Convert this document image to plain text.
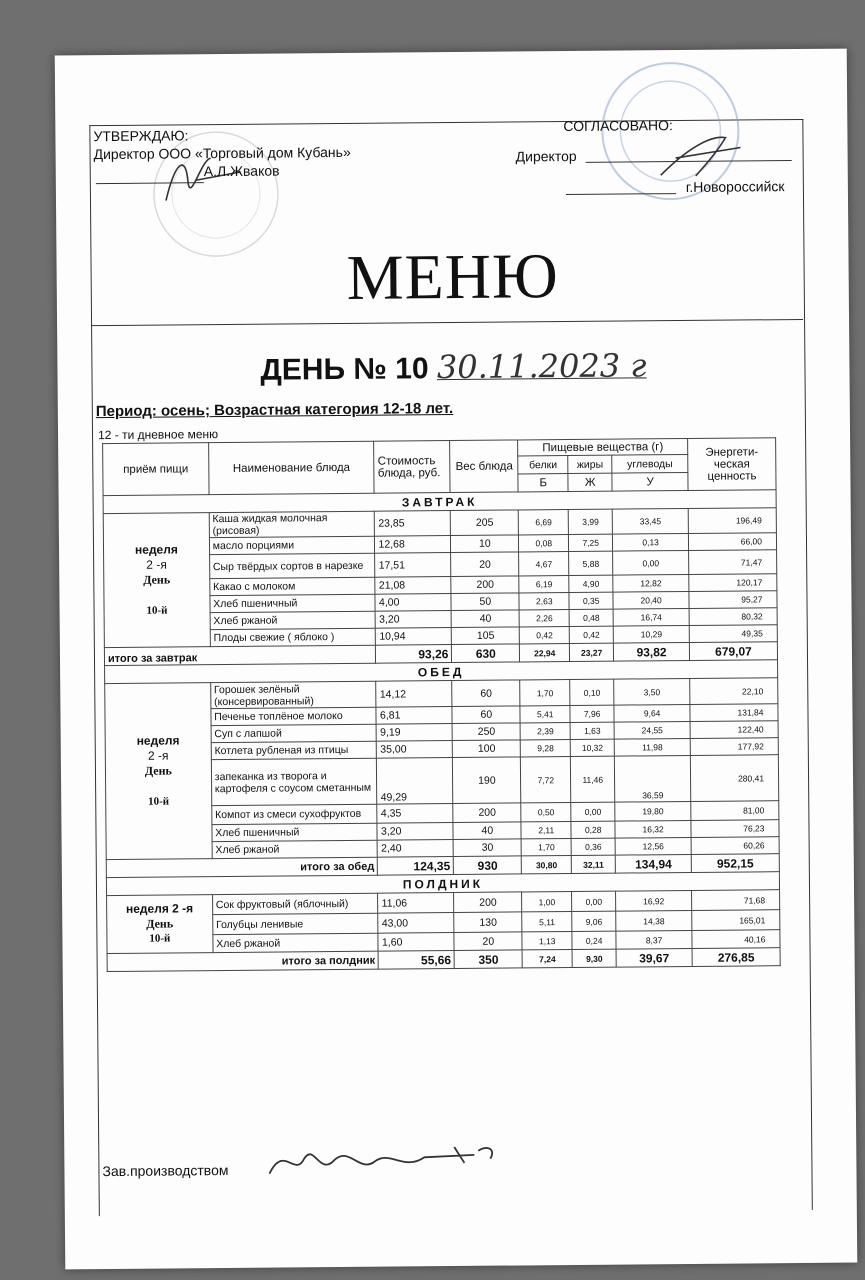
УТВЕРЖДАЮ:
Директор ООО «Торговый дом Кубань»
А.Л.Жваков
СОГЛАСОВАНО:
Директор
г.Новороссийск
МЕНЮ
ДЕНЬ № 10 30.11.2023 г
Период: осень; Возрастная категория 12-18 лет.
12 - ти дневное меню
приём пищи	Наименование блюда	Стоимость блюда, руб.	Вес блюда	Пищевые вещества (г)			Энергети-ческая ценность
				белки	жиры	углеводы	
				Б	Ж	У	
ЗАВТРАК							

неделя
2 -я
День
10-й	Каша жидкая молочная (рисовая)	23,85	205	6,69	3,99	33,45	196,49
	масло порциями	12,68	10	0,08	7,25	0,13	66,00
	Сыр твёрдых сортов в нарезке	17,51	20	4,67	5,88	0,00	71,47
	Какао с молоком	21,08	200	6,19	4,90	12,82	120,17
	Хлеб пшеничный	4,00	50	2,63	0,35	20,40	95,27
	Хлеб ржаной	3,20	40	2,26	0,48	16,74	80,32
	Плоды свежие ( яблоко )	10,94	105	0,42	0,42	10,29	49,35
итого за завтрак		93,26	630	22,94	23,27	93,82	679,07
ОБЕД							

неделя
2 -я
День
10-й	Горошек зелёный (консервированный)	14,12	60	1,70	0,10	3,50	22,10
	Печенье топлёное молоко	6,81	60	5,41	7,96	9,64	131,84
	Суп с лапшой	9,19	250	2,39	1,63	24,55	122,40
	Котлета рубленая из птицы	35,00	100	9,28	10,32	11,98	177,92
	запеканка из творога и картофеля с соусом сметанным	49,29	190	7,72	11,46	36,59	280,41
	Компот из смеси сухофруктов	4,35	200	0,50	0,00	19,80	81,00
	Хлеб пшеничный	3,20	40	2,11	0,28	16,32	76,23
	Хлеб ржаной	2,40	30	1,70	0,36	12,56	60,26
итого за обед		124,35	930	30,80	32,11	134,94	952,15
ПОЛДНИК							

неделя 2 -я
День
10-й	Сок фруктовый (яблочный)	11,06	200	1,00	0,00	16,92	71,68
	Голубцы ленивые	43,00	130	5,11	9,06	14,38	165,01
	Хлеб ржаной	1,60	20	1,13	0,24	8,37	40,16
итого за полдник		55,66	350	7,24	9,30	39,67	276,85
Зав.производством
